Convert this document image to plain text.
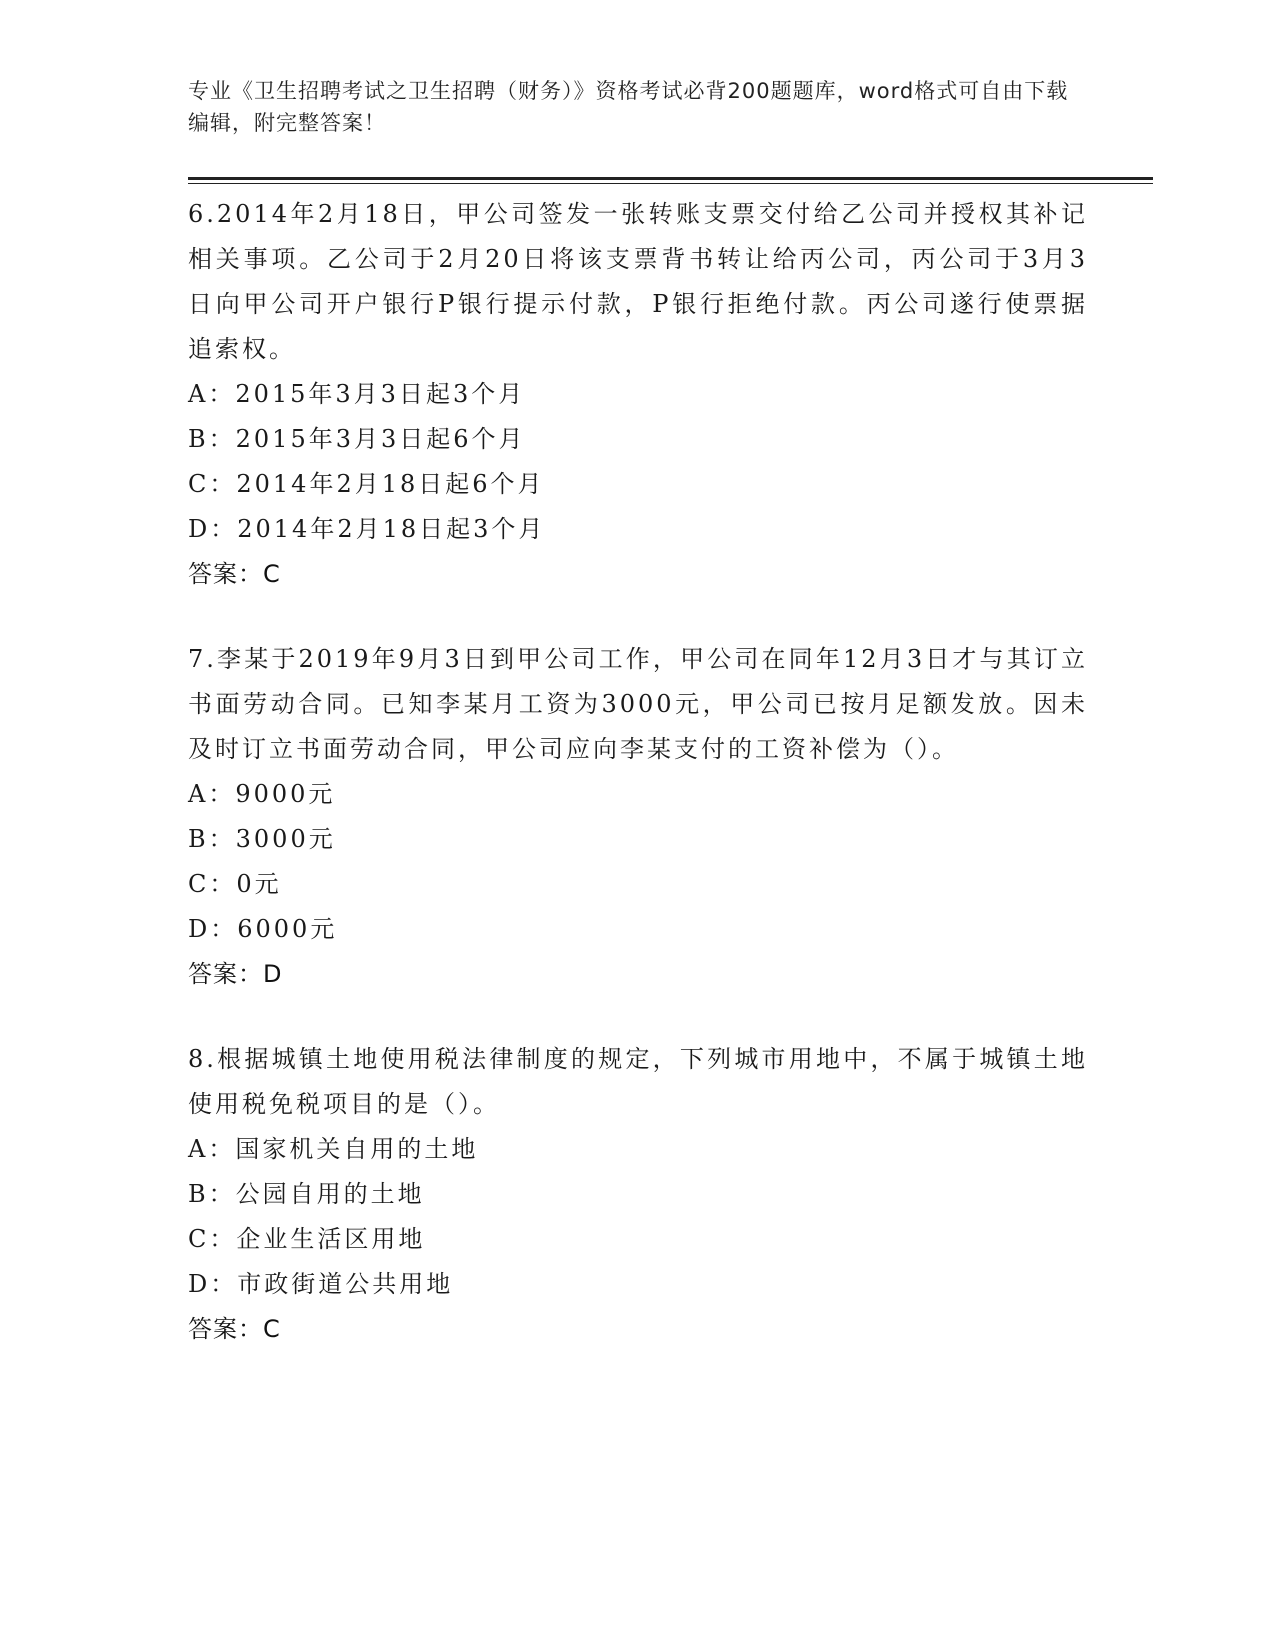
专业《卫生招聘考试之卫生招聘（财务）》资格考试必背200题题库，word格式可自由下载编辑，附完整答案！

6.2014年2月18日，甲公司签发一张转账支票交付给乙公司并授权其补记相关事项。乙公司于2月20日将该支票背书转让给丙公司，丙公司于3月3日向甲公司开户银行P银行提示付款，P银行拒绝付款。丙公司遂行使票据追索权。

A：2015年3月3日起3个月
B：2015年3月3日起6个月
C：2014年2月18日起6个月
D：2014年2月18日起3个月

答案：C

7.李某于2019年9月3日到甲公司工作，甲公司在同年12月3日才与其订立书面劳动合同。已知李某月工资为3000元，甲公司已按月足额发放。因未及时订立书面劳动合同，甲公司应向李某支付的工资补偿为（）。

A：9000元
B：3000元
C：0元
D：6000元

答案：D

8.根据城镇土地使用税法律制度的规定，下列城市用地中，不属于城镇土地使用税免税项目的是（）。

A：国家机关自用的土地
B：公园自用的土地
C：企业生活区用地
D：市政街道公共用地

答案：C
